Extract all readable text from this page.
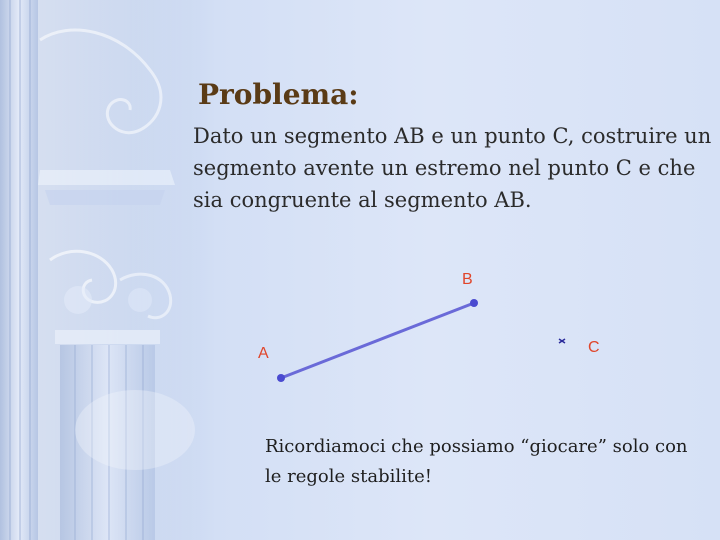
Problema:

Dato un segmento AB e un punto C, costruire un segmento avente un estremo nel punto C e che sia congruente al segmento AB.

A
B
C

Ricordiamoci che possiamo “giocare” solo con le regole stabilite!
